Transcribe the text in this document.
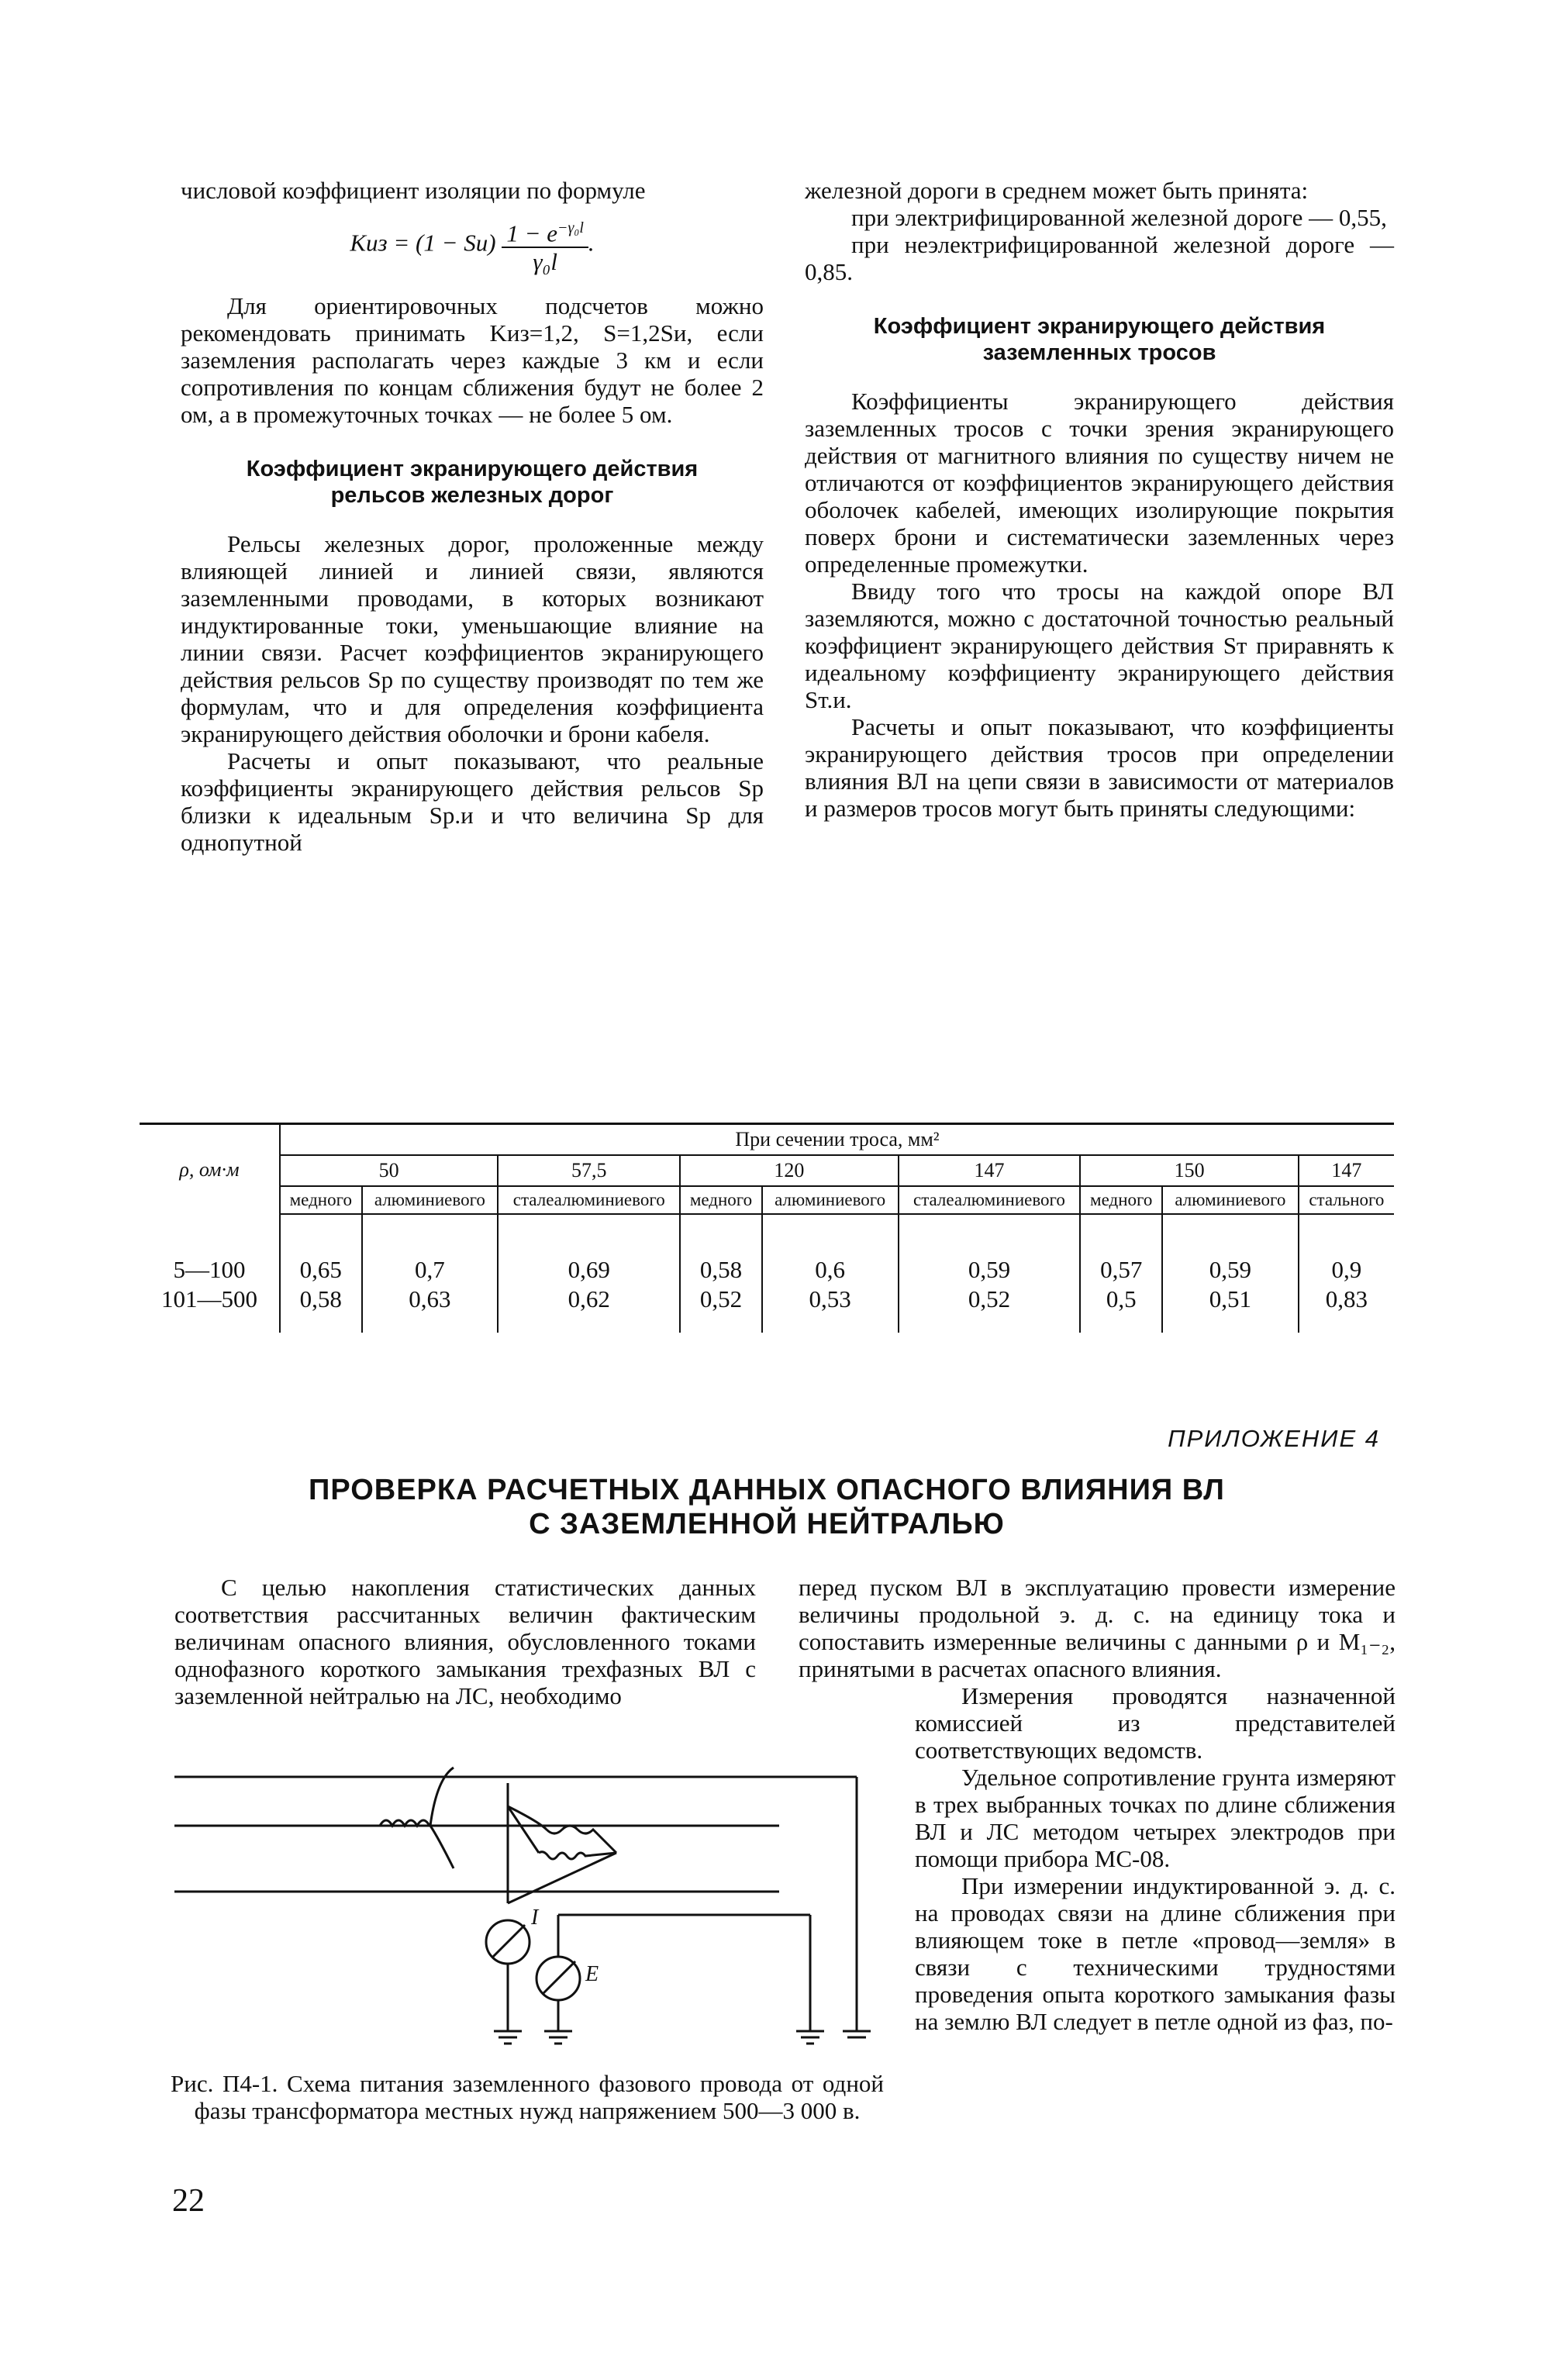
числовой коэффициент изоляции по формуле

Kиз = $(1 - Sи) \frac{1 - e^{-\gamma_0l}}{\text{γ₀l}}$ .

Для ориентировочных подсчетов можно рекомендовать принимать Kиз=1,2, S=1,2Sи, если заземления располагать через каждые 3 км и если сопротивления по концам сближения будут не более 2 ом, а в промежуточных точках — не более 5 ом.

Коэффициент экранирующего действия рельсов железных дорог

Рельсы железных дорог, проложенные между влияющей линией и линией связи, являются заземленными проводами, в которых возникают индуктированные токи, уменьшающие влияние на линии связи. Расчет коэффициентов экранирующего действия рельсов Sр по существу производят по тем же формулам, что и для определения коэффициента экранирующего действия оболочки и брони кабеля.

Расчеты и опыт показывают, что реальные коэффициенты экранирующего действия рельсов Sр близки к идеальным Sр.и и что величина Sр для однопутной

железной дороги в среднем может быть принята:

при электрифицированной железной дороге — 0,55,

при неэлектрифицированной железной дороге — 0,85.

Коэффициент экранирующего действия заземленных тросов

Коэффициенты экранирующего действия заземленных тросов с точки зрения экранирующего действия от магнитного влияния по существу ничем не отличаются от коэффициентов экранирующего действия оболочек кабелей, имеющих изолирующие покрытия поверх брони и систематически заземленных через определенные промежутки.

Ввиду того что тросы на каждой опоре ВЛ заземляются, можно с достаточной точностью реальный коэффициент экранирующего действия Sт приравнять к идеальному коэффициенту экранирующего действия Sт.и.

Расчеты и опыт показывают, что коэффициенты экранирующего действия тросов при определении влияния ВЛ на цепи связи в зависимости от материалов и размеров тросов могут быть приняты следующими:

ρ, ом·м	При сечении троса, мм²								
	50		57,5	120		147	150		147
	медного	алюминиевого	сталеалюминиевого	медного	алюминиевого	сталеалюминиевого	медного	алюминиевого	стального
5—100	0,65	0,7	0,69	0,58	0,6	0,59	0,57	0,59	0,9
101—500	0,58	0,63	0,62	0,52	0,53	0,52	0,5	0,51	0,83
ПРИЛОЖЕНИЕ 4
ПРОВЕРКА РАСЧЕТНЫХ ДАННЫХ ОПАСНОГО ВЛИЯНИЯ ВЛ
С ЗАЗЕМЛЕННОЙ НЕЙТРАЛЬЮ

С целью накопления статистических данных соответствия рассчитанных величин фактическим величинам опасного влияния, обусловленного токами однофазного короткого замыкания трехфазных ВЛ с заземленной нейтралью на ЛС, необходимо

I
E
Рис. П4-1. Схема питания заземленного фазового провода от одной фазы трансформатора местных нужд напряжением 500—3 000 в.

перед пуском ВЛ в эксплуатацию провести измерение величины продольной э. д. с. на единицу тока и сопоставить измеренные величины с данными ρ и M₁₋₂, принятыми в расчетах опасного влияния.

Измерения проводятся назначенной комиссией из представителей соответствующих ведомств.

Удельное сопротивление грунта измеряют в трех выбранных точках по длине сближения ВЛ и ЛС методом четырех электродов при помощи прибора МС-08.

При измерении индуктированной э. д. с. на проводах связи на длине сближения при влияющем токе в петле «провод—земля» в связи с техническими трудностями проведения опыта короткого замыкания фазы на землю ВЛ следует в петле одной из фаз, по-

22
